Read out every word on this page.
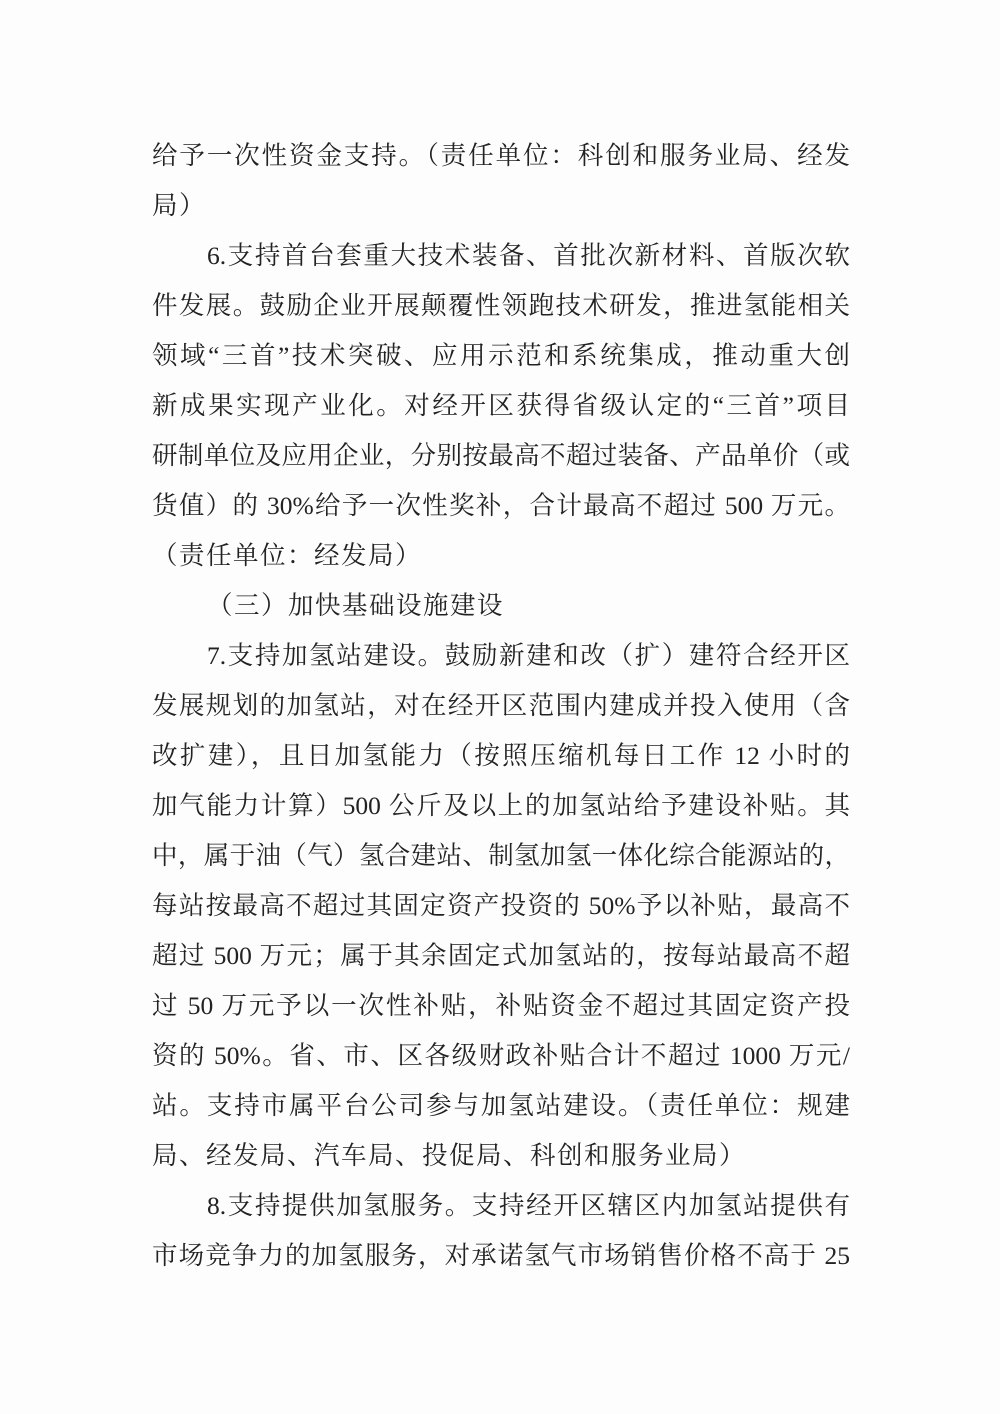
给予一次性资金支持。（责任单位：科创和服务业局、经发
局）
6.支持首台套重大技术装备、首批次新材料、首版次软
件发展。鼓励企业开展颠覆性领跑技术研发，推进氢能相关
领域“三首”技术突破、应用示范和系统集成，推动重大创
新成果实现产业化。对经开区获得省级认定的“三首”项目
研制单位及应用企业，分别按最高不超过装备、产品单价（或
货值）的 30%给予一次性奖补，合计最高不超过 500 万元。
（责任单位：经发局）
（三）加快基础设施建设
7.支持加氢站建设。鼓励新建和改（扩）建符合经开区
发展规划的加氢站，对在经开区范围内建成并投入使用（含
改扩建），且日加氢能力（按照压缩机每日工作 12 小时的
加气能力计算）500 公斤及以上的加氢站给予建设补贴。其
中，属于油（气）氢合建站、制氢加氢一体化综合能源站的，
每站按最高不超过其固定资产投资的 50%予以补贴，最高不
超过 500 万元；属于其余固定式加氢站的，按每站最高不超
过 50 万元予以一次性补贴，补贴资金不超过其固定资产投
资的 50%。省、市、区各级财政补贴合计不超过 1000 万元/
站。支持市属平台公司参与加氢站建设。（责任单位：规建
局、经发局、汽车局、投促局、科创和服务业局）
8.支持提供加氢服务。支持经开区辖区内加氢站提供有
市场竞争力的加氢服务，对承诺氢气市场销售价格不高于 25
